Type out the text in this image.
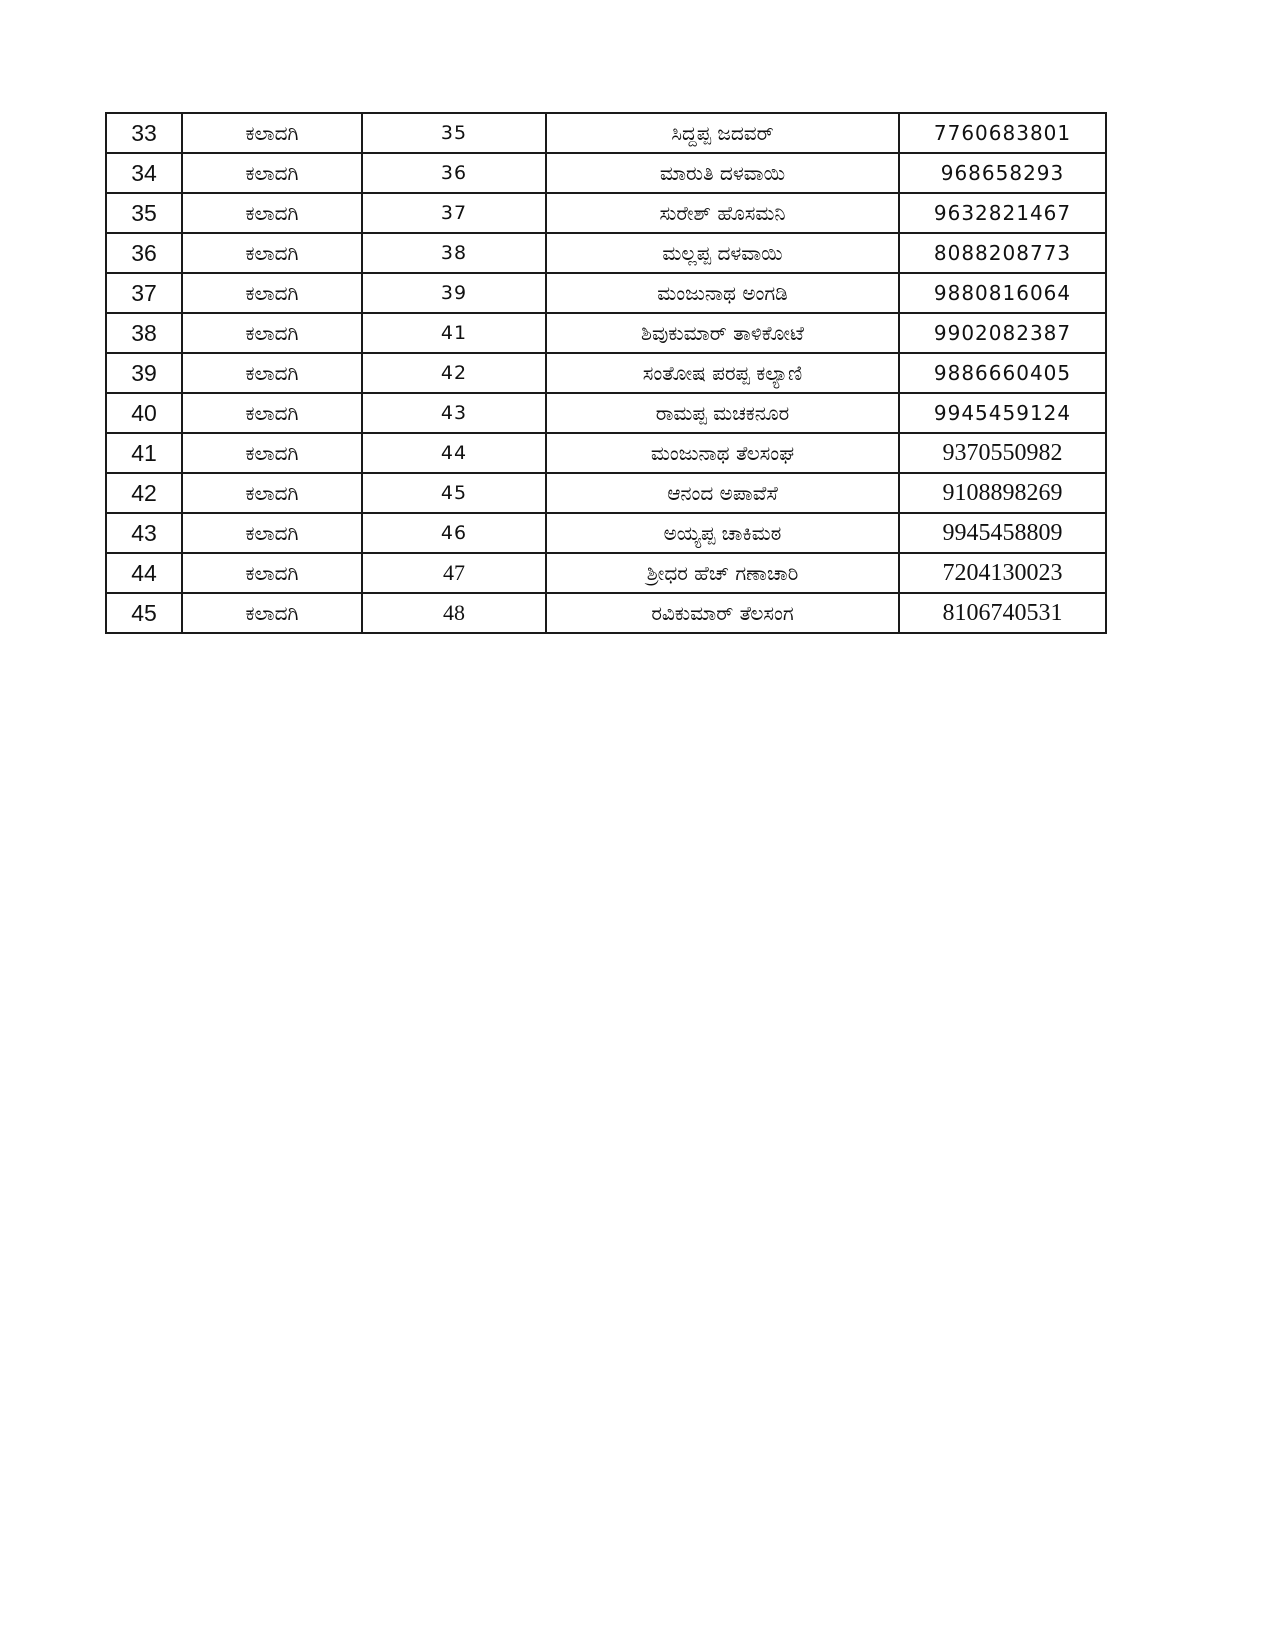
33	ಕಲಾದಗಿ	35	ಸಿದ್ದಪ್ಪ ಜದವರ್	7760683801
34	ಕಲಾದಗಿ	36	ಮಾರುತಿ ದಳವಾಯಿ	968658293
35	ಕಲಾದಗಿ	37	ಸುರೇಶ್ ಹೊಸಮನಿ	9632821467
36	ಕಲಾದಗಿ	38	ಮಲ್ಲಪ್ಪ ದಳವಾಯಿ	8088208773
37	ಕಲಾದಗಿ	39	ಮಂಜುನಾಥ ಅಂಗಡಿ	9880816064
38	ಕಲಾದಗಿ	41	ಶಿವುಕುಮಾರ್ ತಾಳಿಕೋಟೆ	9902082387
39	ಕಲಾದಗಿ	42	ಸಂತೋಷ ಪರಪ್ಪ ಕಲ್ಯಾಣಿ	9886660405
40	ಕಲಾದಗಿ	43	ರಾಮಪ್ಪ ಮಚಕನೂರ	9945459124
41	ಕಲಾದಗಿ	44	ಮಂಜುನಾಥ ತೆಲಸಂಘ	9370550982
42	ಕಲಾದಗಿ	45	ಆನಂದ ಅಪಾವೆಸೆ	9108898269
43	ಕಲಾದಗಿ	46	ಅಯ್ಯಪ್ಪ ಚಾಕಿಮಠ	9945458809
44	ಕಲಾದಗಿ	47	ಶ್ರೀಧರ ಹೆಚ್ ಗಣಾಚಾರಿ	7204130023
45	ಕಲಾದಗಿ	48	ರವಿಕುಮಾರ್ ತೆಲಸಂಗ	8106740531
